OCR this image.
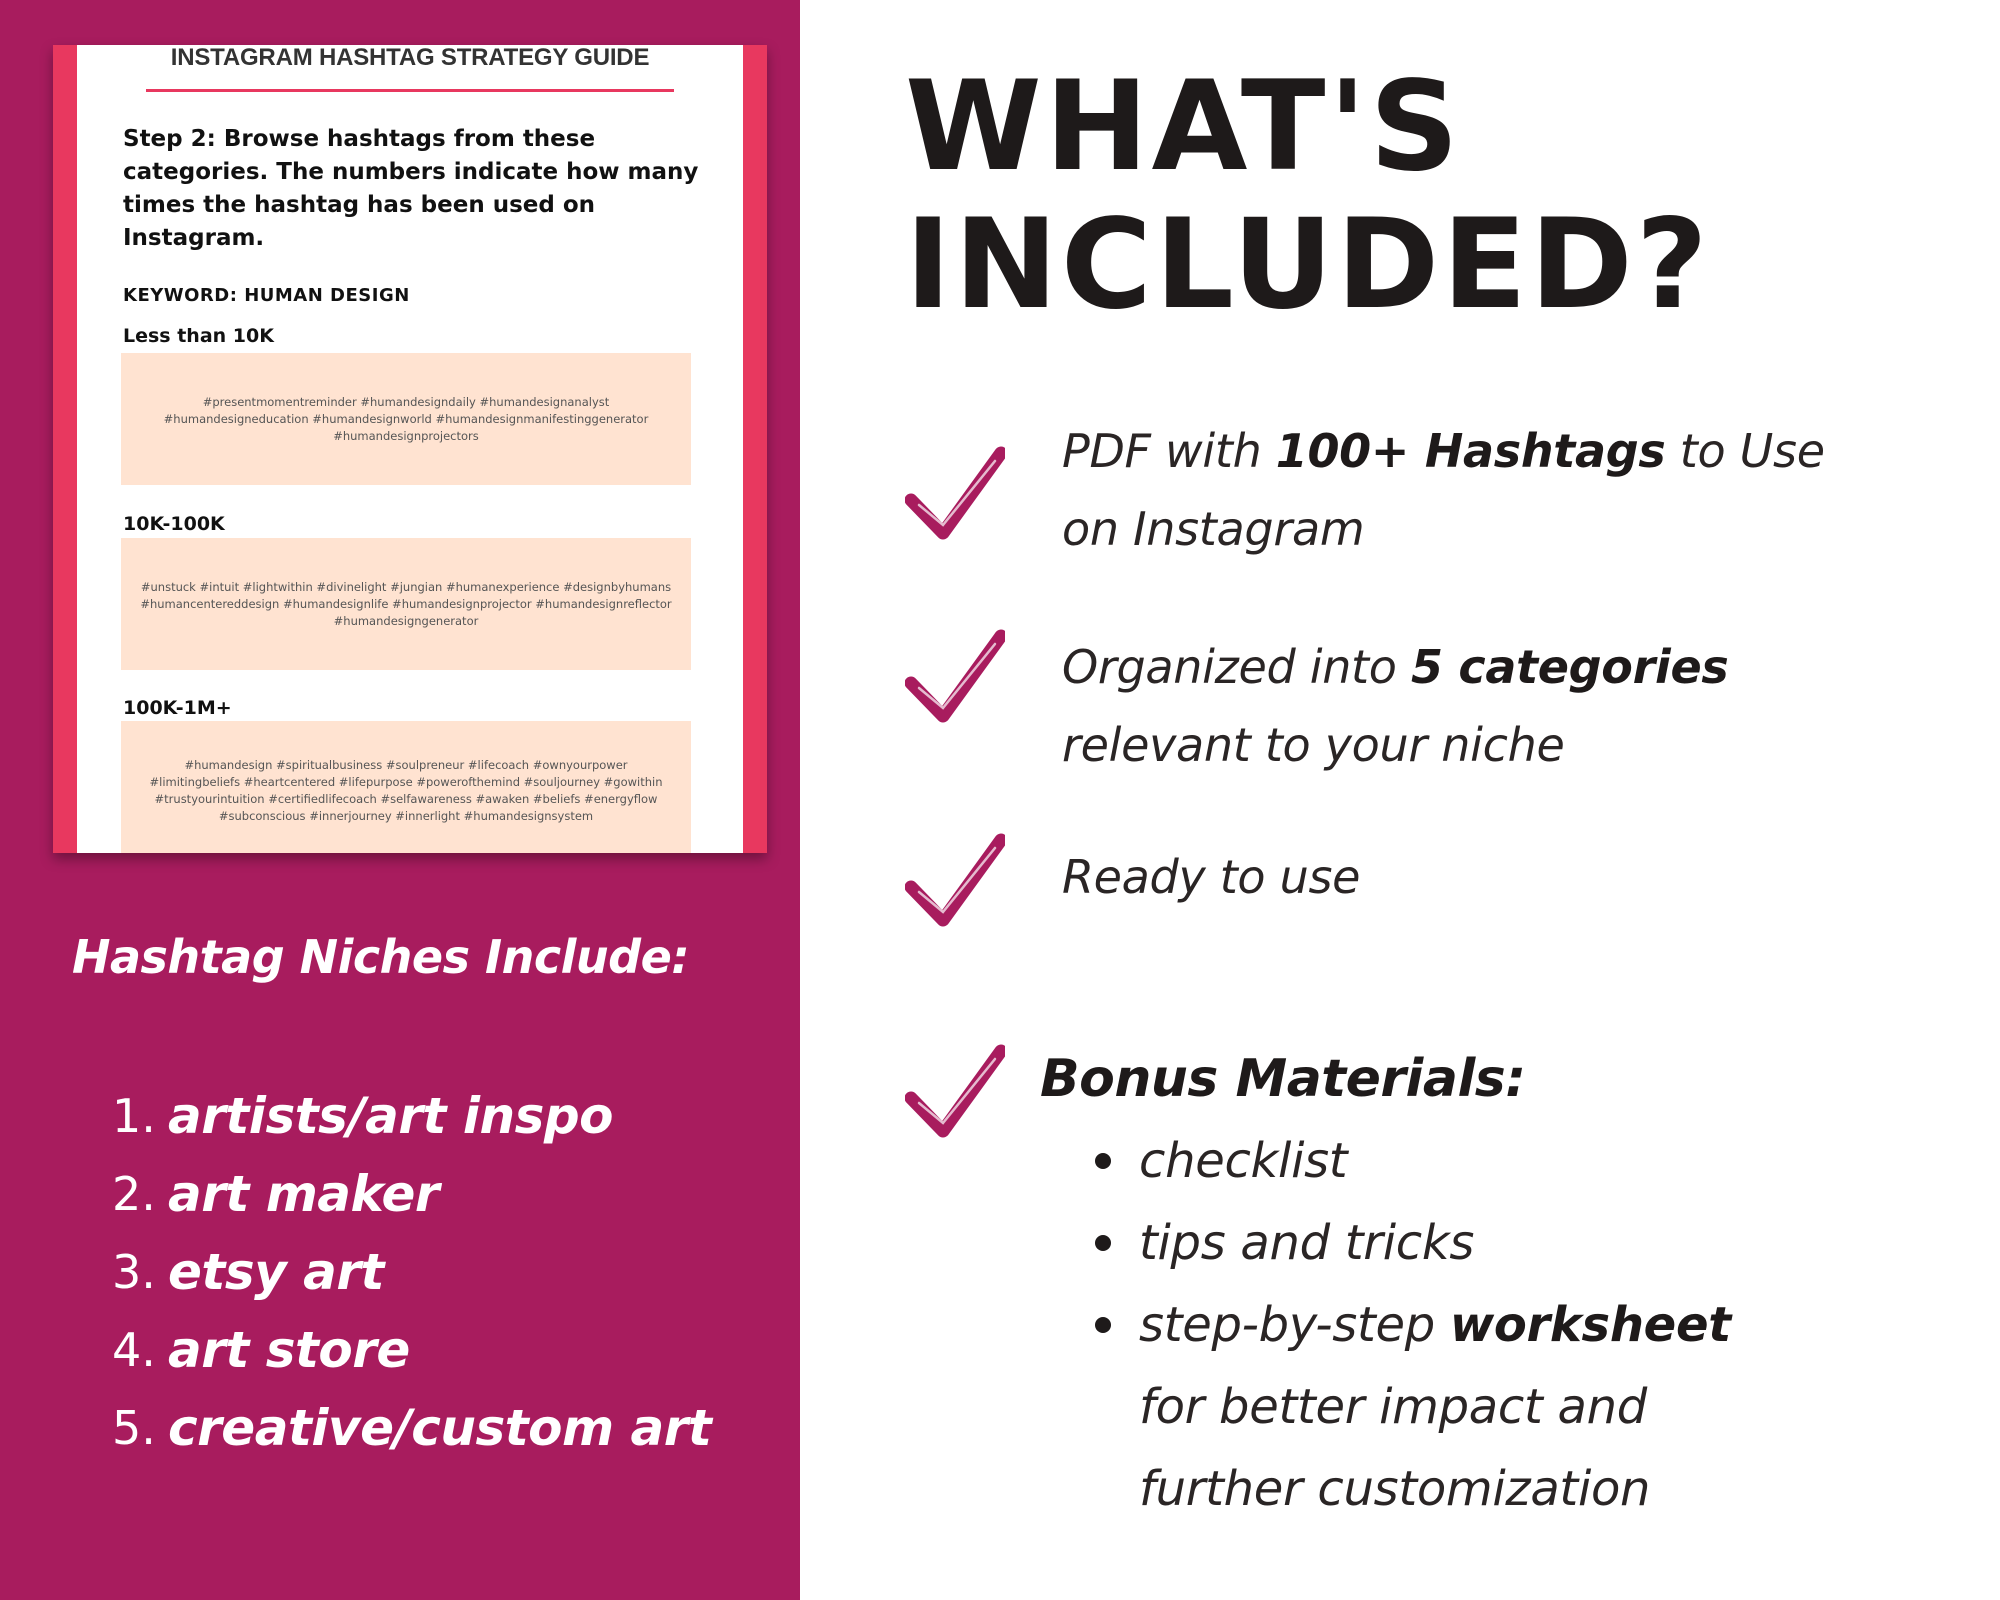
INSTAGRAM HASHTAG STRATEGY GUIDE
Step 2: Browse hashtags from these categories. The numbers indicate how many times the hashtag has been used on Instagram.
KEYWORD: HUMAN DESIGN
Less than 10K
#presentmomentreminder #humandesigndaily #humandesignanalyst #humandesigneducation #humandesignworld #humandesignmanifestinggenerator #humandesignprojectors
10K-100K
#unstuck #intuit #lightwithin #divinelight #jungian #humanexperience #designbyhumans #humancentereddesign #humandesignlife #humandesignprojector #humandesignreflector #humandesigngenerator
100K-1M+
#humandesign #spiritualbusiness #soulpreneur #lifecoach #ownyourpower #limitingbeliefs #heartcentered #lifepurpose #powerofthemind #souljourney #gowithin #trustyourintuition #certifiedlifecoach #selfawareness #awaken #beliefs #energyflow #subconscious #innerjourney #innerlight #humandesignsystem
Hashtag Niches Include:
1. artists/art inspo
2. art maker
3. etsy art
4. art store
5. creative/custom art
WHAT'S
INCLUDED?
PDF with 100+ Hashtags to Use
on Instagram
Organized into 5 categories
relevant to your niche
Ready to use
Bonus Materials:
checklist
tips and tricks
step-by-step worksheet
for better impact and
further customization
